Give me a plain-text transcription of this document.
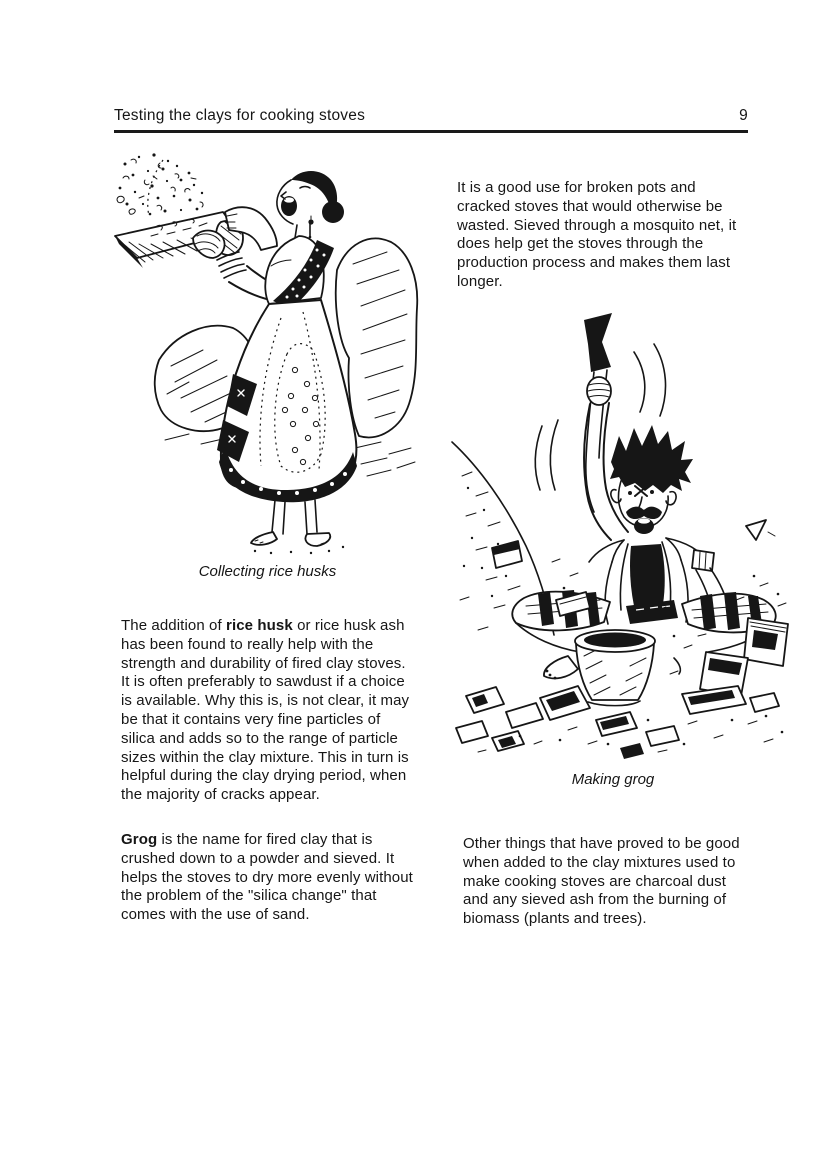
Testing the clays for cooking stoves	9
Collecting rice husks
It is a good use for broken pots and cracked stoves that would otherwise be wasted. Sieved through a mosquito net, it does help get the stoves through the production process and makes them last longer.
Making grog
The addition of rice husk or rice husk ash has been found to really help with the strength and durability of fired clay stoves. It is often preferably to sawdust if a choice is available. Why this is, is not clear, it may be that it contains very fine particles of silica and adds so to the range of particle sizes within the clay mixture. This in turn is helpful during the clay drying period, when the majority of cracks appear.
Grog is the name for fired clay that is crushed down to a powder and sieved. It helps the stoves to dry more evenly without the problem of the "silica change" that comes with the use of sand.
Other things that have proved to be good when added to the clay mixtures used to make cooking stoves are charcoal dust and any sieved ash from the burning of biomass (plants and trees).
